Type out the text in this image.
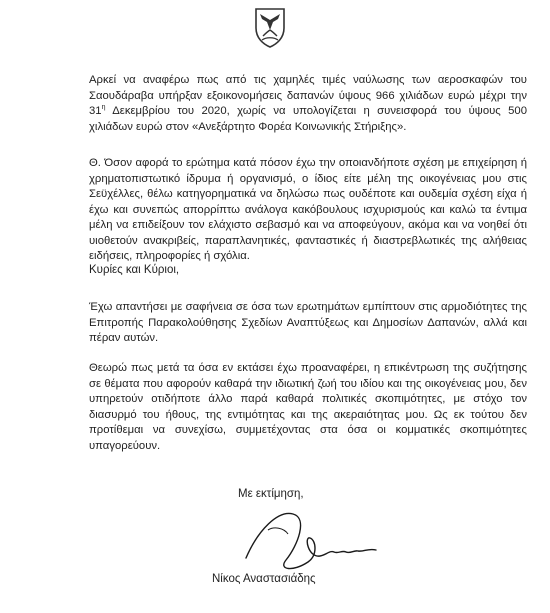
Αρκεί να αναφέρω πως από τις χαμηλές τιμές ναύλωσης των αεροσκαφών του Σαουδάραβα υπήρξαν εξοικονομήσεις δαπανών ύψους 966 χιλιάδων ευρώ μέχρι την $31^\eta$ Δεκεμβρίου του 2020, χωρίς να υπολογίζεται η συνεισφορά του ύψους 500 χιλιάδων ευρώ στον «Ανεξάρτητο Φορέα Κοινωνικής Στήριξης».

Θ. Όσον αφορά το ερώτημα κατά πόσον έχω την οποιανδήποτε σχέση με επιχείρηση ή χρηματοπιστωτικό ίδρυμα ή οργανισμό, ο ίδιος είτε μέλη της οικογένειας μου στις Σεϋχέλλες, θέλω κατηγορηματικά να δηλώσω πως ουδέποτε και ουδεμία σχέση είχα ή έχω και συνεπώς απορρίπτω ανάλογα κακόβουλους ισχυρισμούς και καλώ τα έντιμα μέλη να επιδείξουν τον ελάχιστο σεβασμό και να αποφεύγουν, ακόμα και να νοηθεί ότι υιοθετούν ανακριβείς, παραπλανητικές, φανταστικές ή διαστρεβλωτικές της αλήθειας ειδήσεις, πληροφορίες ή σχόλια.

Κυρίες και Κύριοι,

Έχω απαντήσει με σαφήνεια σε όσα των ερωτημάτων εμπίπτουν στις αρμοδιότητες της Επιτροπής Παρακολούθησης Σχεδίων Αναπτύξεως και Δημοσίων Δαπανών, αλλά και πέραν αυτών.

Θεωρώ πως μετά τα όσα εν εκτάσει έχω προαναφέρει, η επικέντρωση της συζήτησης σε θέματα που αφορούν καθαρά την ιδιωτική ζωή του ιδίου και της οικογένειας μου, δεν υπηρετούν οτιδήποτε άλλο παρά καθαρά πολιτικές σκοπιμότητες, με στόχο τον διασυρμό του ήθους, της εντιμότητας και της ακεραιότητας μου. Ως εκ τούτου δεν προτίθεμαι να συνεχίσω, συμμετέχοντας στα όσα οι κομματικές σκοπιμότητες υπαγορεύουν.

Με εκτίμηση,

Νίκος Αναστασιάδης
